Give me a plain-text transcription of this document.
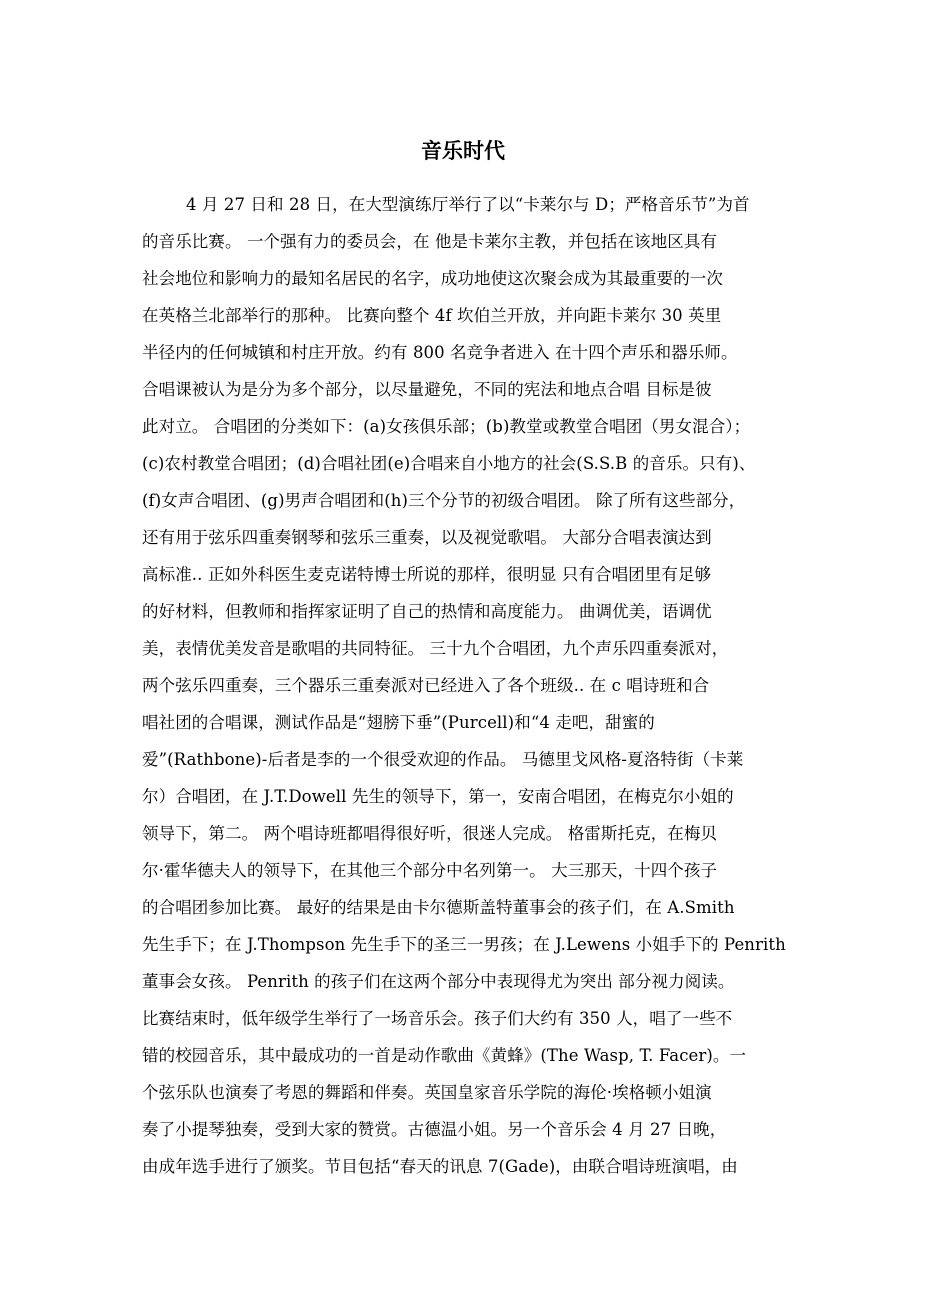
音乐时代
4 月 27 日和 28 日，在大型演练厅举行了以“卡莱尔与 D；严格音乐节”为首
的音乐比赛。 一个强有力的委员会，在 他是卡莱尔主教，并包括在该地区具有
社会地位和影响力的最知名居民的名字，成功地使这次聚会成为其最重要的一次
在英格兰北部举行的那种。 比赛向整个 4f 坎伯兰开放，并向距卡莱尔 30 英里
半径内的任何城镇和村庄开放。约有 800 名竞争者进入 在十四个声乐和器乐师。
合唱课被认为是分为多个部分，以尽量避免，不同的宪法和地点合唱 目标是彼
此对立。 合唱团的分类如下：(a)女孩俱乐部；(b)教堂或教堂合唱团（男女混合）；
(c)农村教堂合唱团；(d)合唱社团(e)合唱来自小地方的社会(S.S.B 的音乐。只有)、
(f)女声合唱团、(g)男声合唱团和(h)三个分节的初级合唱团。 除了所有这些部分，
还有用于弦乐四重奏钢琴和弦乐三重奏，以及视觉歌唱。 大部分合唱表演达到
高标准.. 正如外科医生麦克诺特博士所说的那样，很明显 只有合唱团里有足够
的好材料，但教师和指挥家证明了自己的热情和高度能力。 曲调优美，语调优
美，表情优美发音是歌唱的共同特征。 三十九个合唱团，九个声乐四重奏派对，
两个弦乐四重奏，三个器乐三重奏派对已经进入了各个班级.. 在 c 唱诗班和合
唱社团的合唱课，测试作品是“翅膀下垂”(Purcell)和“4 走吧，甜蜜的
爱”(Rathbone)-后者是李的一个很受欢迎的作品。 马德里戈风格-夏洛特街（卡莱
尔）合唱团，在 J.T.Dowell 先生的领导下，第一，安南合唱团，在梅克尔小姐的
领导下，第二。 两个唱诗班都唱得很好听，很迷人完成。 格雷斯托克，在梅贝
尔·霍华德夫人的领导下，在其他三个部分中名列第一。 大三那天，十四个孩子
的合唱团参加比赛。 最好的结果是由卡尔德斯盖特董事会的孩子们，在 A.Smith
先生手下；在 J.Thompson 先生手下的圣三一男孩；在 J.Lewens 小姐手下的 Penrith
董事会女孩。 Penrith 的孩子们在这两个部分中表现得尤为突出 部分视力阅读。
比赛结束时，低年级学生举行了一场音乐会。孩子们大约有 350 人，唱了一些不
错的校园音乐，其中最成功的一首是动作歌曲《黄蜂》(The Wasp, T. Facer)。一
个弦乐队也演奏了考恩的舞蹈和伴奏。英国皇家音乐学院的海伦·埃格顿小姐演
奏了小提琴独奏，受到大家的赞赏。古德温小姐。另一个音乐会 4 月 27 日晚，
由成年选手进行了颁奖。节目包括“春天的讯息 7(Gade)，由联合唱诗班演唱，由
